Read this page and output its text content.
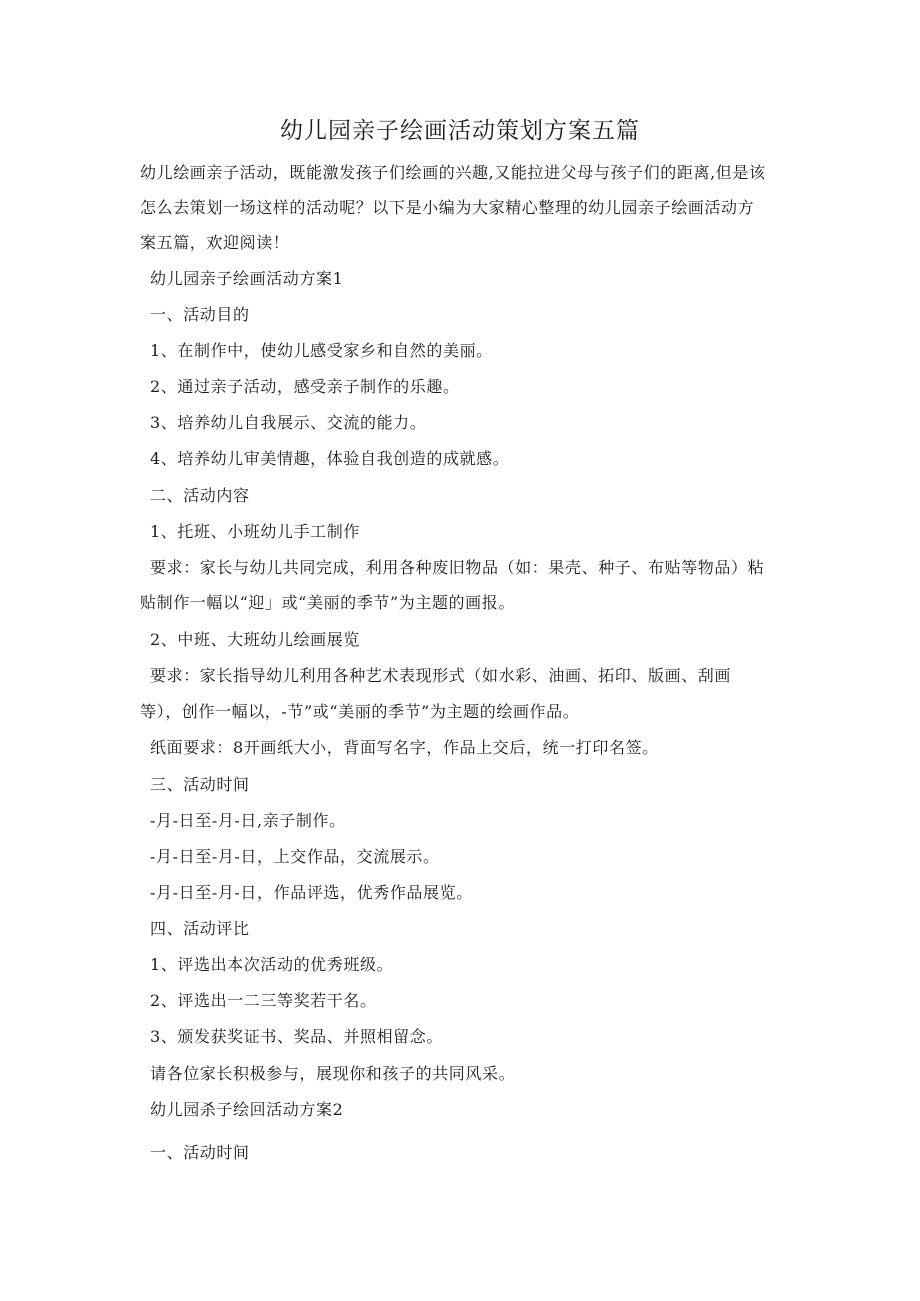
幼儿园亲子绘画活动策划方案五篇
幼儿绘画亲子活动，既能激发孩子们绘画的兴趣,又能拉进父母与孩子们的距离,但是该
怎么去策划一场这样的活动呢？以下是小编为大家精心整理的幼儿园亲子绘画活动方
案五篇，欢迎阅读！
幼儿园亲子绘画活动方案1
一、活动目的
1、在制作中，使幼儿感受家乡和自然的美丽。
2、通过亲子活动，感受亲子制作的乐趣。
3、培养幼儿自我展示、交流的能力。
4、培养幼儿审美情趣，体验自我创造的成就感。
二、活动内容
1、托班、小班幼儿手工制作
要求：家长与幼儿共同完成，利用各种废旧物品（如：果壳、种子、布贴等物品）粘
贴制作一幅以“迎」或“美丽的季节”为主题的画报。
2、中班、大班幼儿绘画展览
要求：家长指导幼儿利用各种艺术表现形式（如水彩、油画、拓印、版画、刮画
等），创作一幅以，-节”或“美丽的季节”为主题的绘画作品。
纸面要求：8开画纸大小，背面写名字，作品上交后，统一打印名签。
三、活动时间
-月-日至-月-日,亲子制作。
-月-日至-月-日，上交作品，交流展示。
-月-日至-月-日，作品评选，优秀作品展览。
四、活动评比
1、评选出本次活动的优秀班级。
2、评选出一二三等奖若干名。
3、颁发获奖证书、奖品、并照相留念。
请各位家长积极参与，展现你和孩子的共同风采。
幼儿园杀子绘回活动方案2
一、活动时间
